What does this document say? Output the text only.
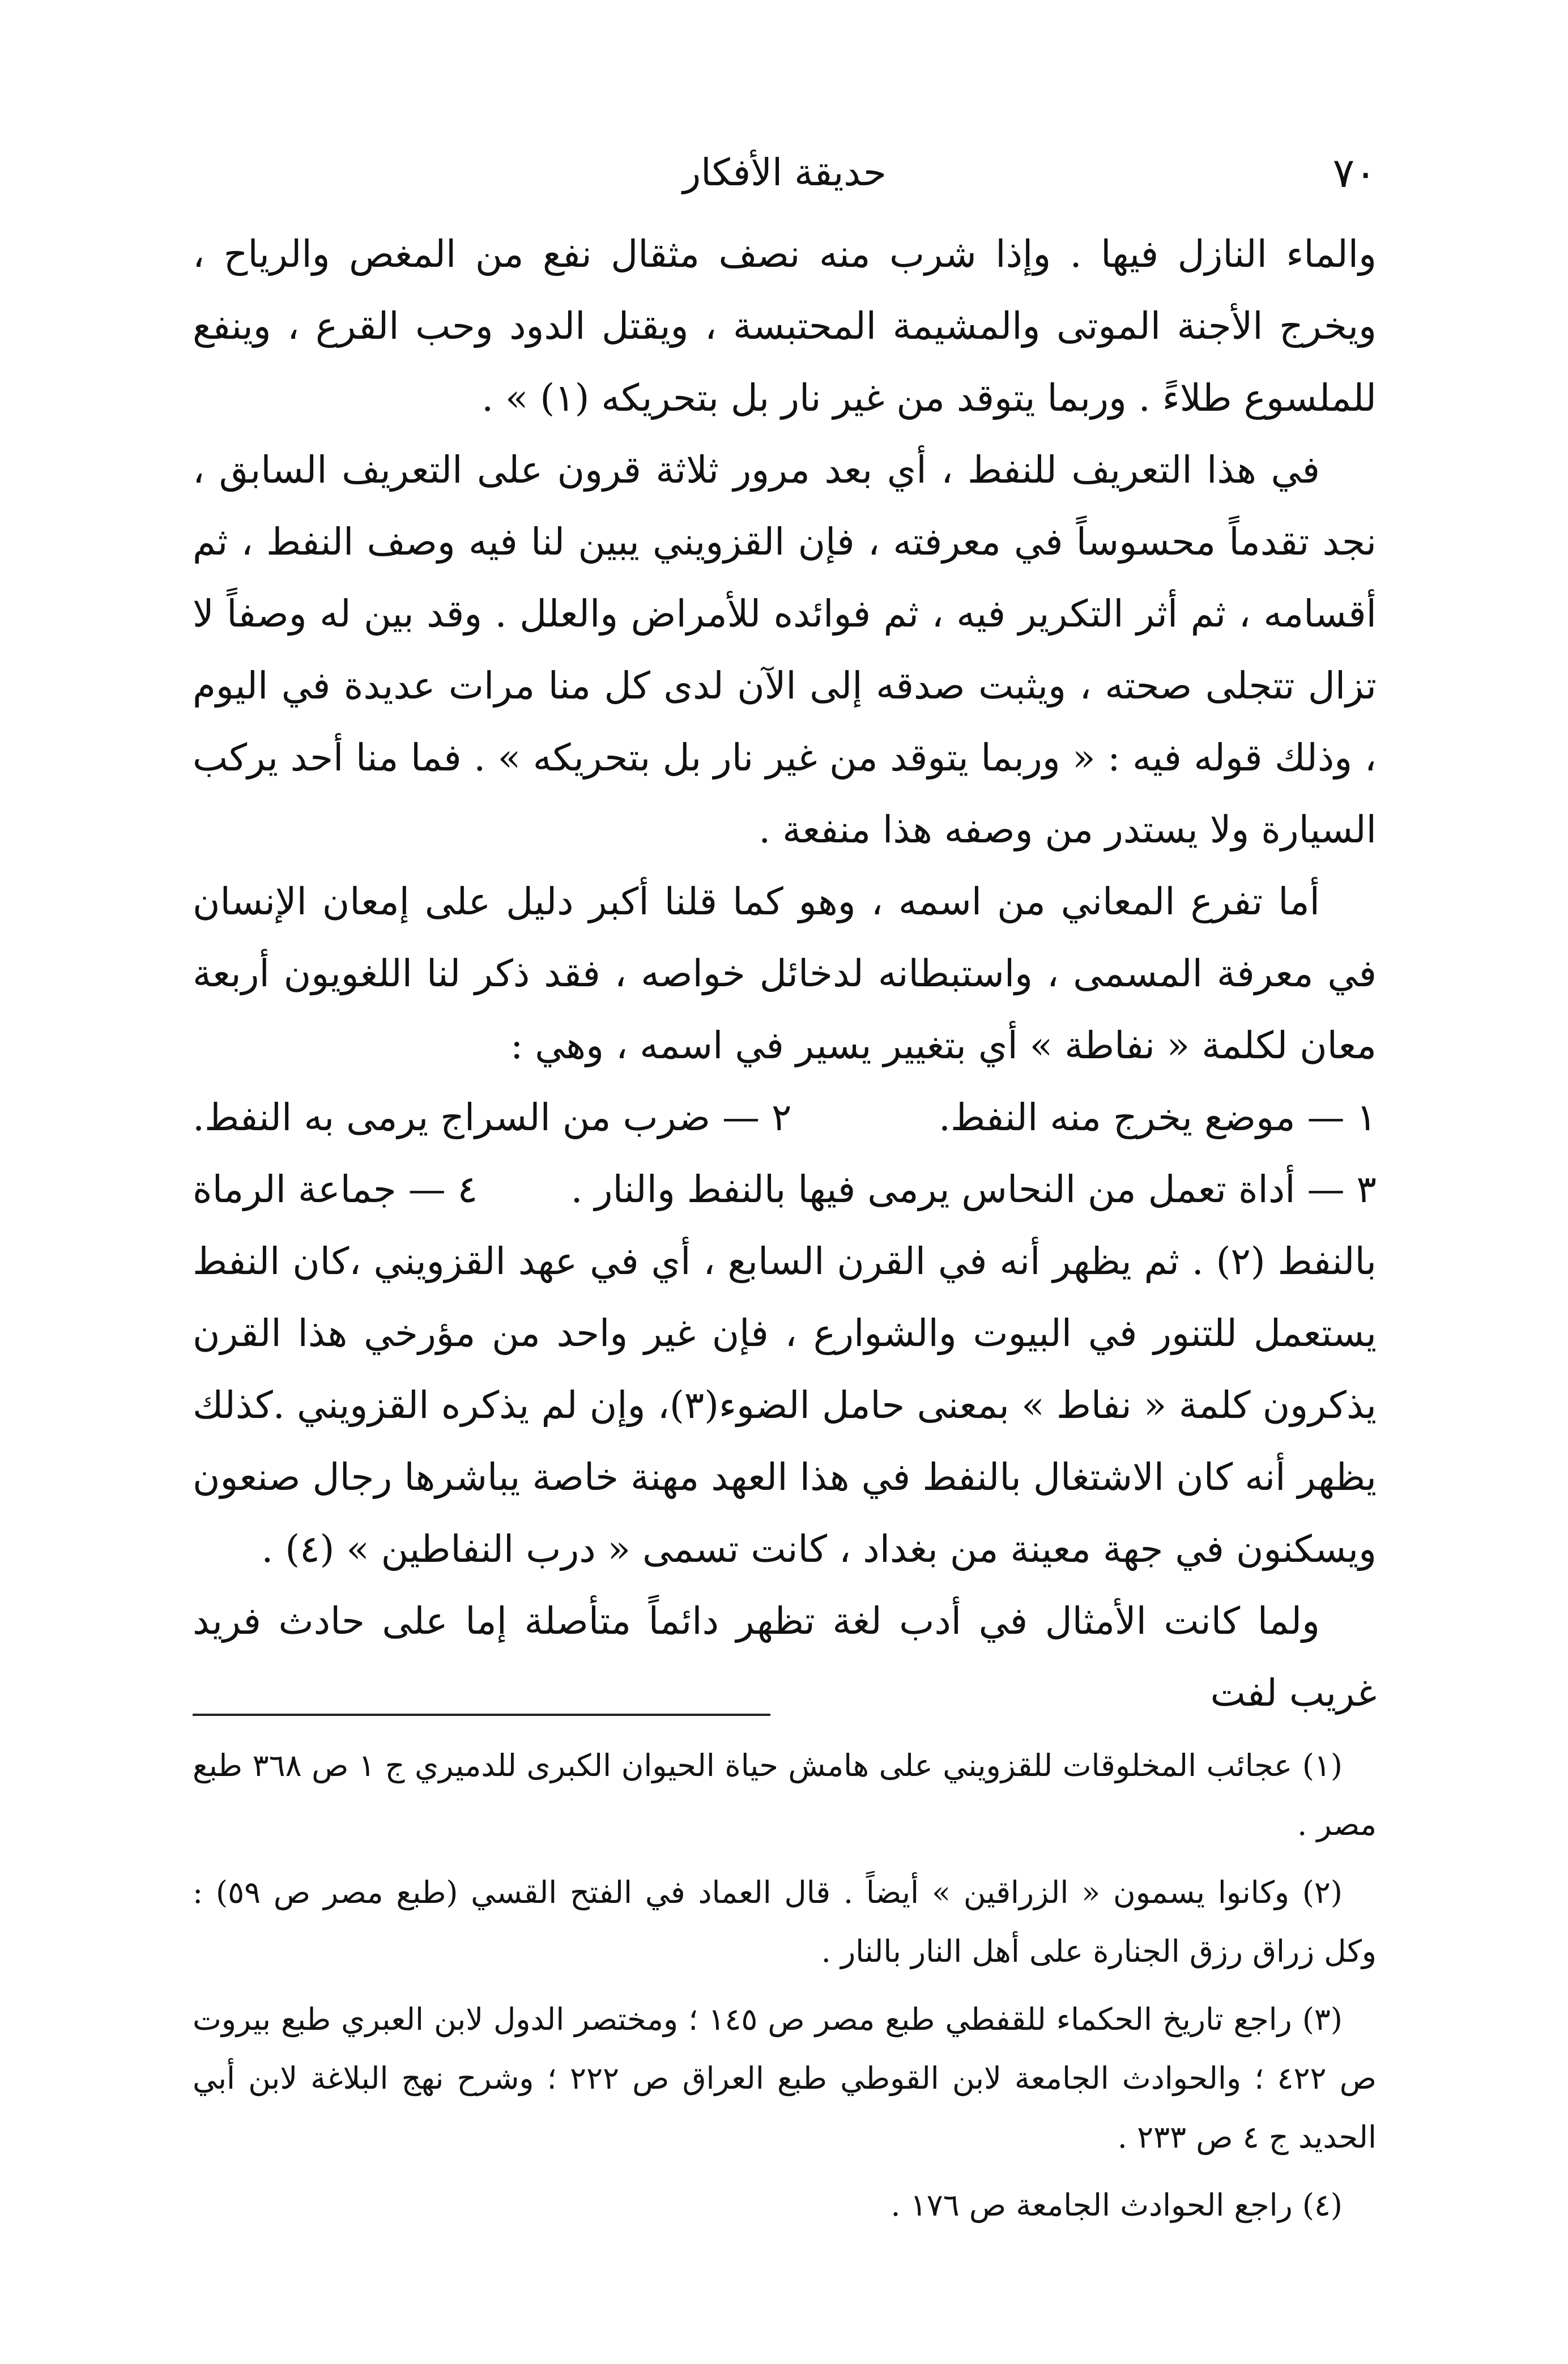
٧٠
حديقة الأفكار

والماء النازل فيها . وإذا شرب منه نصف مثقال نفع من المغص والرياح ، ويخرج الأجنة الموتى والمشيمة المحتبسة ، ويقتل الدود وحب القرع ، وينفع للملسوع طلاءً . وربما يتوقد من غير نار بل بتحريكه (١) » .

في هذا التعريف للنفط ، أي بعد مرور ثلاثة قرون على التعريف السابق ، نجد تقدماً محسوساً في معرفته ، فإن القزويني يبين لنا فيه وصف النفط ، ثم أقسامه ، ثم أثر التكرير فيه ، ثم فوائده للأمراض والعلل . وقد بين له وصفاً لا تزال تتجلى صحته ، ويثبت صدقه إلى الآن لدى كل منا مرات عديدة في اليوم ، وذلك قوله فيه : « وربما يتوقد من غير نار بل بتحريكه » . فما منا أحد يركب السيارة ولا يستدر من وصفه هذا منفعة .

أما تفرع المعاني من اسمه ، وهو كما قلنا أكبر دليل على إمعان الإنسان في معرفة المسمى ، واستبطانه لدخائل خواصه ، فقد ذكر لنا اللغويون أربعة معان لكلمة « نفاطة » أي بتغيير يسير في اسمه ، وهي :

١ — موضع يخرج منه النفط.
٢ — ضرب من السراج يرمى به النفط.
٣ — أداة تعمل من النحاس يرمى فيها بالنفط والنار .
٤ — جماعة الرماة

بالنفط (٢) . ثم يظهر أنه في القرن السابع ، أي في عهد القزويني ،كان النفط يستعمل للتنور في البيوت والشوارع ، فإن غير واحد من مؤرخي هذا القرن يذكرون كلمة « نفاط » بمعنى حامل الضوء(٣)، وإن لم يذكره القزويني .كذلك يظهر أنه كان الاشتغال بالنفط في هذا العهد مهنة خاصة يباشرها رجال صنعون ويسكنون في جهة معينة من بغداد ، كانت تسمى « درب النفاطين » (٤) .

ولما كانت الأمثال في أدب لغة تظهر دائماً متأصلة إما على حادث فريد غريب لفت

(١) عجائب المخلوقات للقزويني على هامش حياة الحيوان الكبرى للدميري ج ١ ص ٣٦٨ طبع مصر .

(٢) وكانوا يسمون « الزراقين » أيضاً . قال العماد في الفتح القسي (طبع مصر ص ٥٩) : وكل زراق رزق الجنارة على أهل النار بالنار .

(٣) راجع تاريخ الحكماء للقفطي طبع مصر ص ١٤٥ ؛ ومختصر الدول لابن العبري طبع بيروت ص ٤٢٢ ؛ والحوادث الجامعة لابن القوطي طبع العراق ص ٢٢٢ ؛ وشرح نهج البلاغة لابن أبي الحديد ج ٤ ص ٢٣٣ .

(٤) راجع الحوادث الجامعة ص ١٧٦ .
